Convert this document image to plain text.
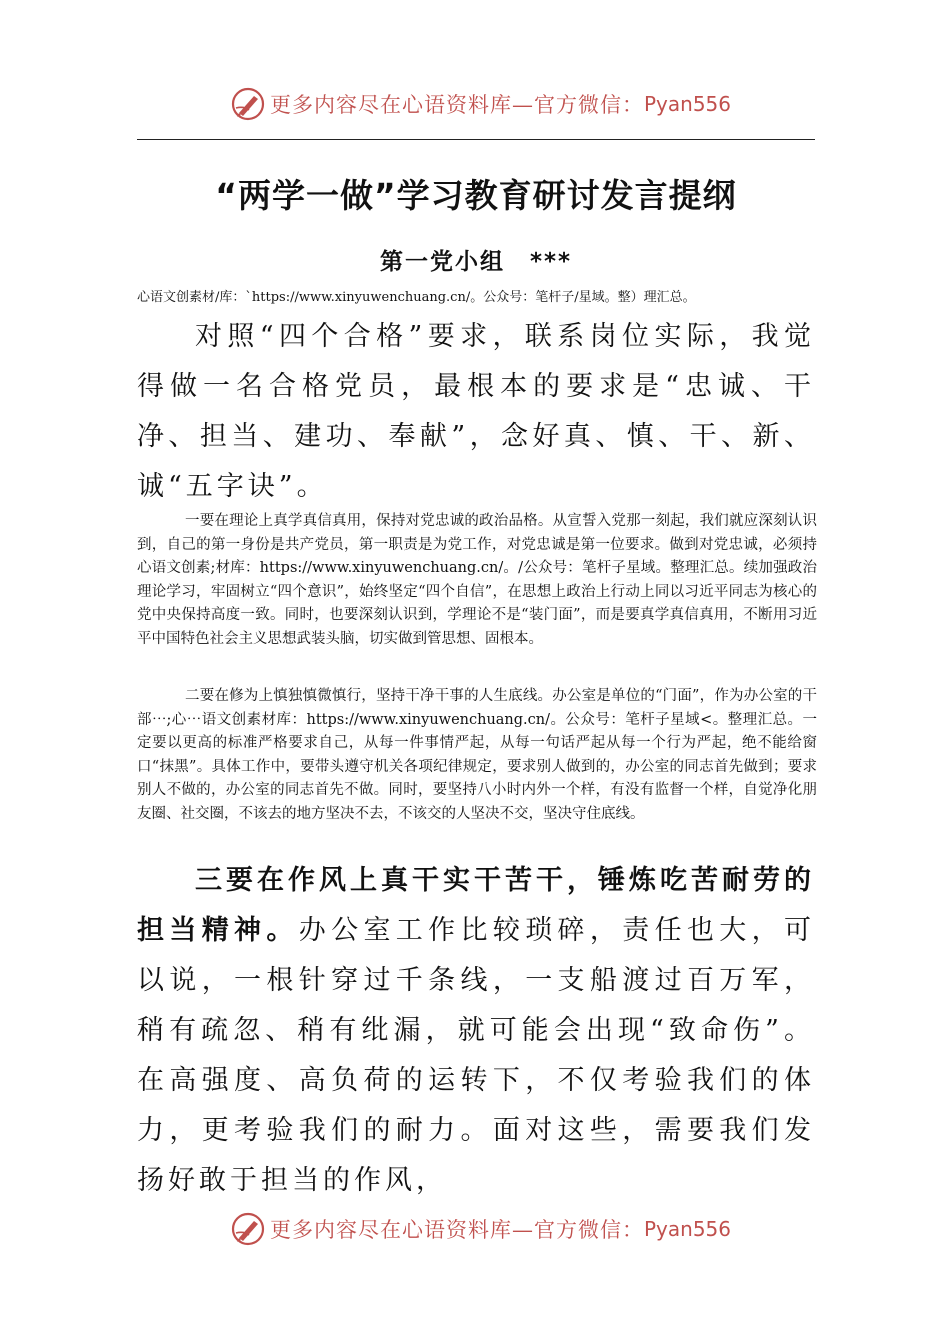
更多内容尽在心语资料库—官方微信： Pyan556
“两学一做”学习教育研讨发言提纲
第一党小组　***

心语文创素材/库：`https://www.xinyuwenchuang.cn/。公众号：笔杆子/星域。整）理汇总。

对照“四个合格”要求，联系岗位实际，我觉得做一名合格党员，最根本的要求是“忠诚、干净、担当、建功、奉献”，念好真、慎、干、新、诚“五字诀”。

一要在理论上真学真信真用，保持对党忠诚的政治品格。从宣誓入党那一刻起，我们就应深刻认识到，自己的第一身份是共产党员，第一职责是为党工作，对党忠诚是第一位要求。做到对党忠诚，必须持心语文创素;材库：https://www.xinyuwenchuang.cn/。/公众号：笔杆子星域。整理汇总。续加强政治理论学习，牢固树立“四个意识”，始终坚定“四个自信”，在思想上政治上行动上同以习近平同志为核心的党中央保持高度一致。同时，也要深刻认识到，学理论不是“装门面”，而是要真学真信真用，不断用习近平中国特色社会主义思想武装头脑，切实做到管思想、固根本。

二要在修为上慎独慎微慎行，坚持干净干事的人生底线。办公室是单位的“门面”，作为办公室的干部⋯;心⋯语文创素材库：https://www.xinyuwenchuang.cn/。公众号：笔杆子星域<。整理汇总。一定要以更高的标准严格要求自己，从每一件事情严起，从每一句话严起从每一个行为严起，绝不能给窗口“抹黑”。具体工作中，要带头遵守机关各项纪律规定，要求别人做到的，办公室的同志首先做到；要求别人不做的，办公室的同志首先不做。同时，要坚持八小时内外一个样，有没有监督一个样，自觉净化朋友圈、社交圈，不该去的地方坚决不去，不该交的人坚决不交，坚决守住底线。

三要在作风上真干实干苦干，锤炼吃苦耐劳的担当精神。办公室工作比较琐碎，责任也大，可以说，一根针穿过千条线，一支船渡过百万军，稍有疏忽、稍有纰漏，就可能会出现“致命伤”。在高强度、高负荷的运转下，不仅考验我们的体力，更考验我们的耐力。面对这些，需要我们发扬好敢于担当的作风，

更多内容尽在心语资料库—官方微信： Pyan556
